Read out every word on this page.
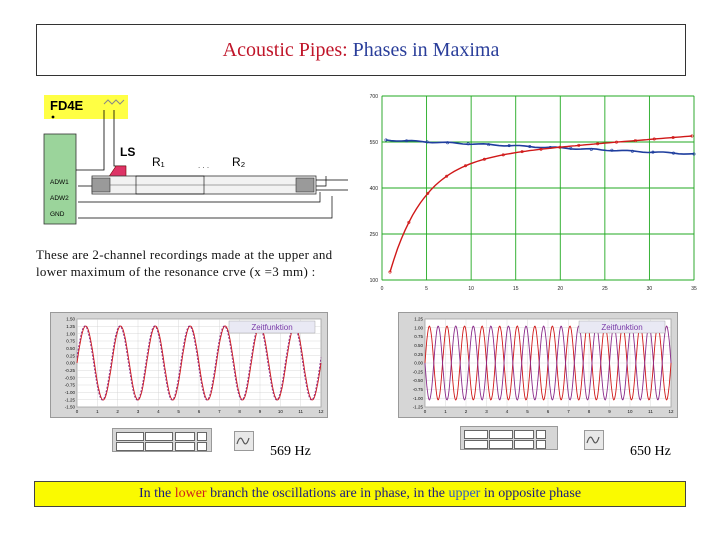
Acoustic Pipes:
Phases in Maxima
FD4E
ADW1
ADW2
GND
LS
R₁	. . . R₂
These are 2-channel recordings made at the upper and lower maximum of the resonance crve (x =3 mm) :
700
550
400
250
100
0	5	10	15	20	25	30	35
1.50
1.25
1.00
0.75
0.50
0.25
0.00
-0.25
-0.50
-0.75
-1.00
-1.25
-1.50
0	1	2	3	4	5	6	7	8	9	10	11	12
Zeitfunktion
569 Hz
1.25
1.00
0.75
0.50
0.25
0.00
-0.25
-0.50
-0.75
-1.00
-1.25
0	1	2	3	4	5	6	7	8	9	10	11	12
Zeitfunktion
650 Hz
In the lower branch the oscillations are in phase, in the upper in opposite phase
